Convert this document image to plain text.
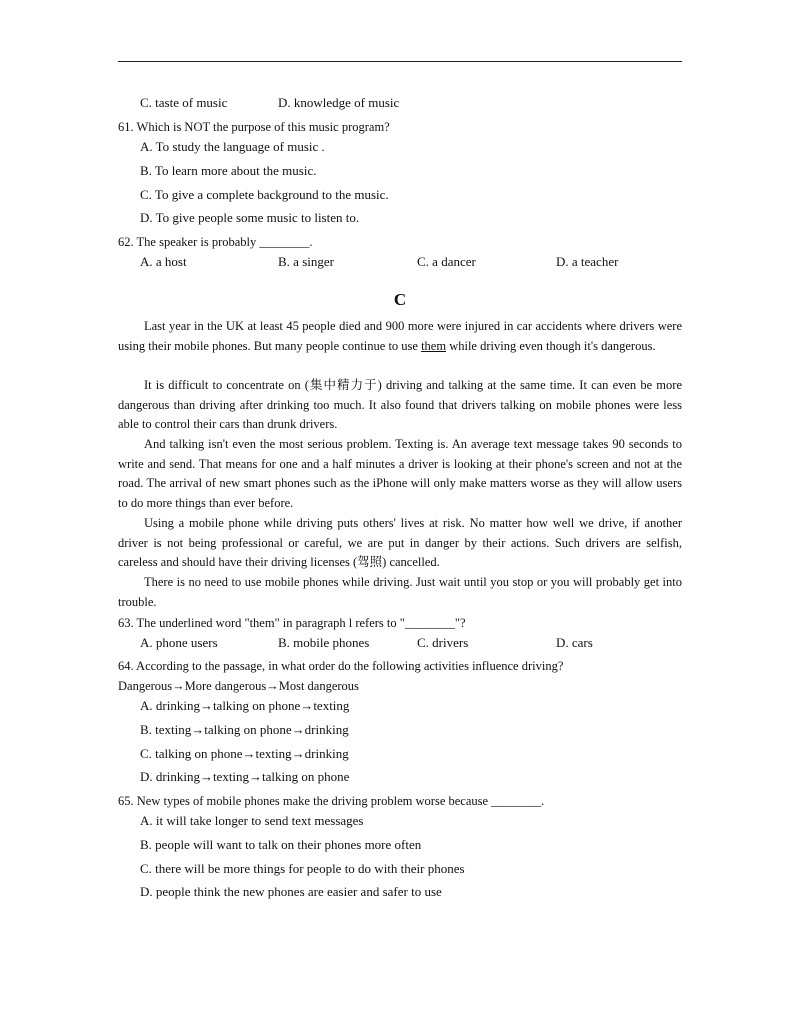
C. taste of music	D. knowledge of music
61. Which is NOT the purpose of this music program?
A. To study the language of music .
B. To learn more about the music.
C. To give a complete background to the music.
D. To give people some music to listen to.
62. The speaker is probably ________.
A. a host	B. a singer	C. a dancer	D. a teacher
C
Last year in the UK at least 45 people died and 900 more were injured in car accidents where drivers were using their mobile phones. But many people continue to use them while driving even though it's dangerous.
It is difficult to concentrate on (集中精力于) driving and talking at the same time. It can even be more dangerous than driving after drinking too much. It also found that drivers talking on mobile phones were less able to control their cars than drunk drivers.
And talking isn't even the most serious problem. Texting is. An average text message takes 90 seconds to write and send. That means for one and a half minutes a driver is looking at their phone's screen and not at the road. The arrival of new smart phones such as the iPhone will only make matters worse as they will allow users to do more things than ever before.
Using a mobile phone while driving puts others' lives at risk. No matter how well we drive, if another driver is not being professional or careful, we are put in danger by their actions. Such drivers are selfish, careless and should have their driving licenses (驾照) cancelled.
There is no need to use mobile phones while driving. Just wait until you stop or you will probably get into trouble.
63. The underlined word "them" in paragraph l refers to "________"?
A. phone users	B. mobile phones	C. drivers	D. cars
64. According to the passage, in what order do the following activities influence driving?
Dangerous→More dangerous→Most dangerous
A. drinking→talking on phone→texting
B. texting→talking on phone→drinking
C. talking on phone→texting→drinking
D. drinking→texting→talking on phone
65. New types of mobile phones make the driving problem worse because ________.
A. it will take longer to send text messages
B. people will want to talk on their phones more often
C. there will be more things for people to do with their phones
D. people think the new phones are easier and safer to use
